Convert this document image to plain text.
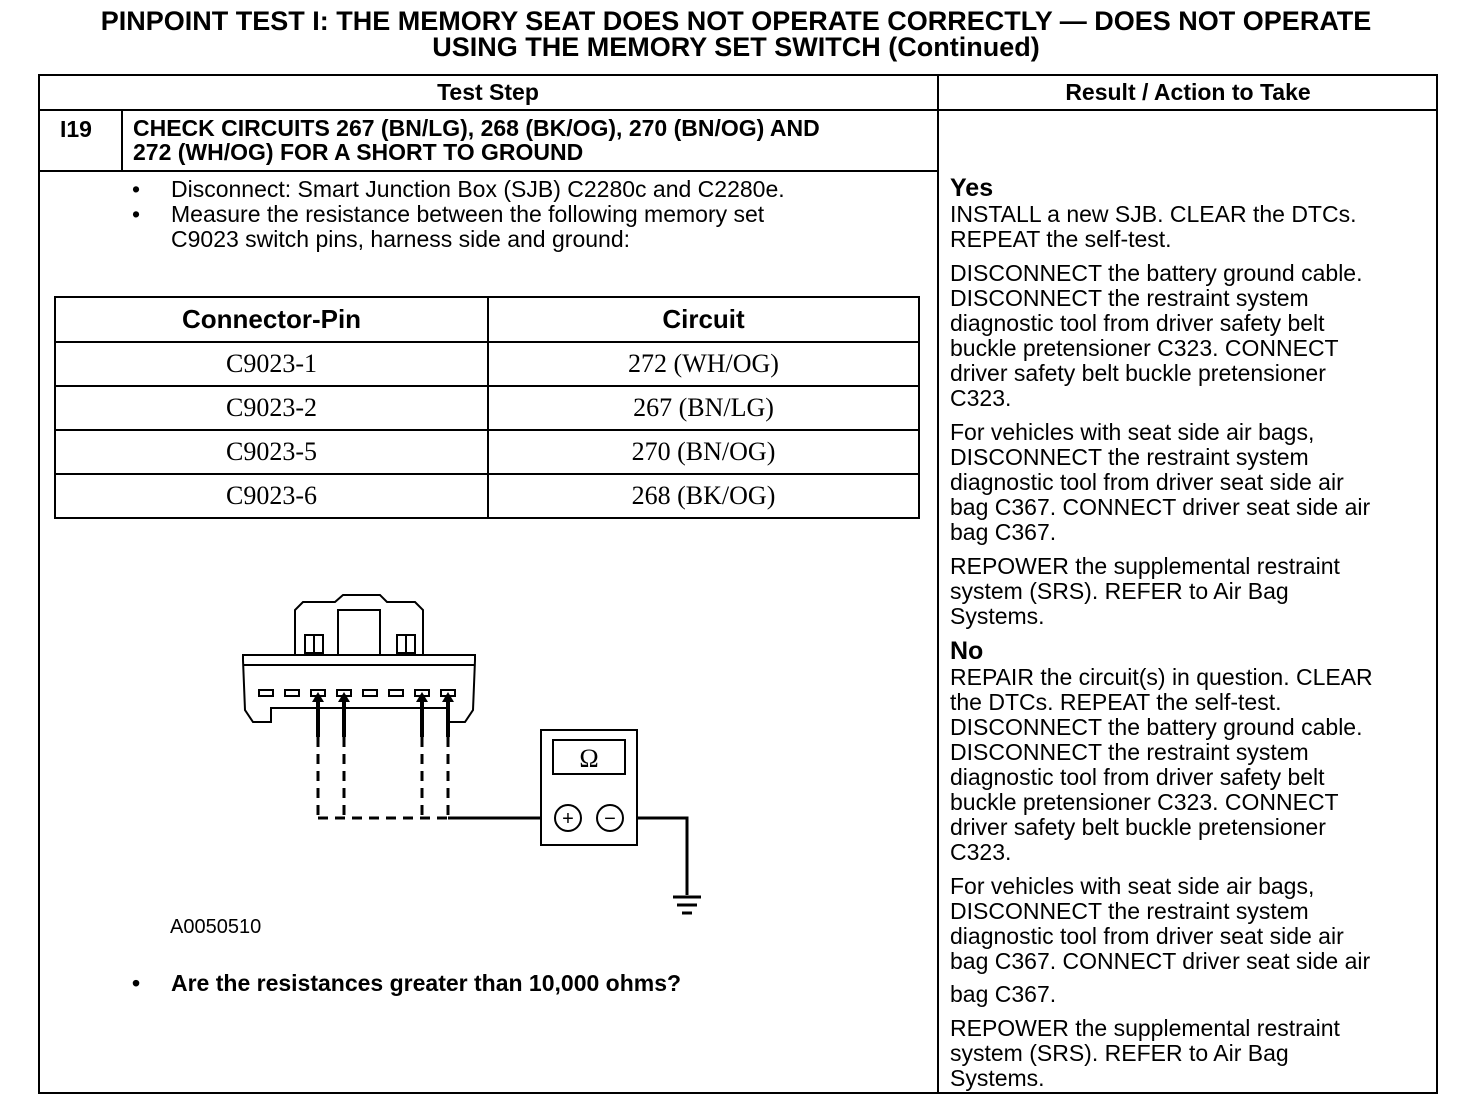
PINPOINT TEST I: THE MEMORY SEAT DOES NOT OPERATE CORRECTLY — DOES NOT OPERATE
USING THE MEMORY SET SWITCH (Continued)
Test Step	Result / Action to Take
I19 CHECK CIRCUITS 267 (BN/LG), 268 (BK/OG), 270 (BN/OG) AND
272 (WH/OG) FOR A SHORT TO GROUND
• Disconnect: Smart Junction Box (SJB) C2280c and C2280e.
• Measure the resistance between the following memory set
C9023 switch pins, harness side and ground:
Connector-Pin	Circuit
C9023-1	272 (WH/OG)
C9023-2	267 (BN/LG)
C9023-5	270 (BN/OG)
C9023-6	268 (BK/OG)
Ω
+ −
A0050510
• Are the resistances greater than 10,000 ohms?
Yes

INSTALL a new SJB. CLEAR the DTCs.
REPEAT the self-test.

DISCONNECT the battery ground cable.
DISCONNECT the restraint system
diagnostic tool from driver safety belt
buckle pretensioner C323. CONNECT
driver safety belt buckle pretensioner
C323.

For vehicles with seat side air bags,
DISCONNECT the restraint system
diagnostic tool from driver seat side air
bag C367. CONNECT driver seat side air
bag C367.

REPOWER the supplemental restraint
system (SRS). REFER to Air Bag
Systems.

No

REPAIR the circuit(s) in question. CLEAR
the DTCs. REPEAT the self-test.
DISCONNECT the battery ground cable.
DISCONNECT the restraint system
diagnostic tool from driver safety belt
buckle pretensioner C323. CONNECT
driver safety belt buckle pretensioner
C323.

For vehicles with seat side air bags,
DISCONNECT the restraint system
diagnostic tool from driver seat side air
bag C367. CONNECT driver seat side air
bag C367.

REPOWER the supplemental restraint
system (SRS). REFER to Air Bag
Systems.
